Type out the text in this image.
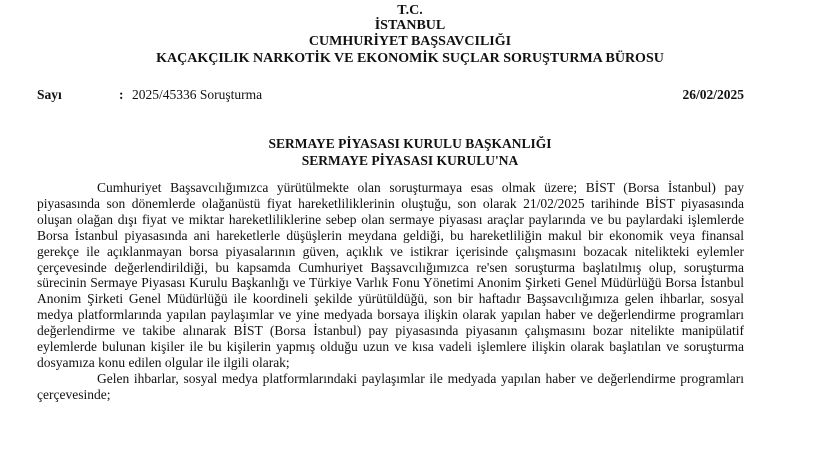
T.C.
İSTANBUL
CUMHURİYET BAŞSAVCILIĞI
KAÇAKÇILIK NARKOTİK VE EKONOMİK SUÇLAR SORUŞTURMA BÜROSU
Sayı	: 2025/45336 Soruşturma	26/02/2025
SERMAYE PİYASASI KURULU BAŞKANLIĞI
SERMAYE PİYASASI KURULU'NA

Cumhuriyet Başsavcılığımızca yürütülmekte olan soruşturmaya esas olmak üzere; BİST (Borsa İstanbul) pay piyasasında son dönemlerde olağanüstü fiyat hareketliliklerinin oluştuğu, son olarak 21/02/2025 tarihinde BİST piyasasında oluşan olağan dışı fiyat ve miktar hareketliliklerine sebep olan sermaye piyasası araçlar paylarında ve bu paylardaki işlemlerde Borsa İstanbul piyasasında ani hareketlerle düşüşlerin meydana geldiği, bu hareketliliğin makul bir ekonomik veya finansal gerekçe ile açıklanmayan borsa piyasalarının güven, açıklık ve istikrar içerisinde çalışmasını bozacak nitelikteki eylemler çerçevesinde değerlendirildiği, bu kapsamda Cumhuriyet Başsavcılığımızca re'sen soruşturma başlatılmış olup, soruşturma sürecinin Sermaye Piyasası Kurulu Başkanlığı ve Türkiye Varlık Fonu Yönetimi Anonim Şirketi Genel Müdürlüğü Borsa İstanbul Anonim Şirketi Genel Müdürlüğü ile koordineli şekilde yürütüldüğü, son bir haftadır Başsavcılığımıza gelen ihbarlar, sosyal medya platformlarında yapılan paylaşımlar ve yine medyada borsaya ilişkin olarak yapılan haber ve değerlendirme programları değerlendirme ve takibe alınarak BİST (Borsa İstanbul) pay piyasasında piyasanın çalışmasını bozar nitelikte manipülatif eylemlerde bulunan kişiler ile bu kişilerin yapmış olduğu uzun ve kısa vadeli işlemlere ilişkin olarak başlatılan ve soruşturma dosyamıza konu edilen olgular ile ilgili olarak;

Gelen ihbarlar, sosyal medya platformlarındaki paylaşımlar ile medyada yapılan haber ve değerlendirme programları çerçevesinde;
